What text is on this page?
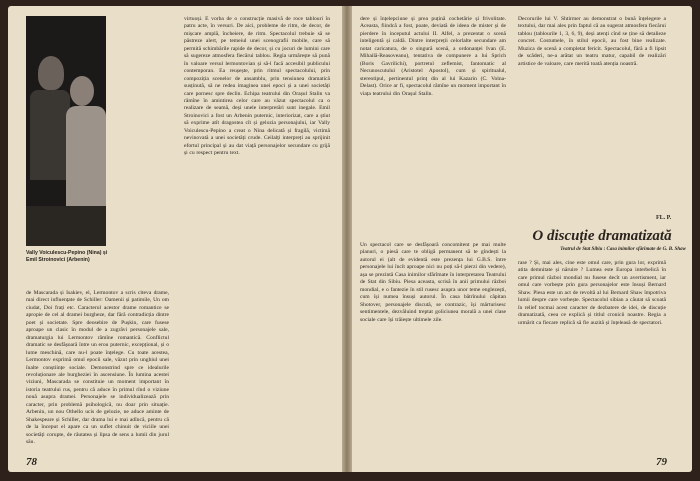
Vally Voiculescu-Pepino (Nina) și Emil Stroinovici (Arbenin)

de Mascarada și Isakiev, el, Lermontov a scris citeva drame, mai direct influențate de Schiller: Oamenii și patimile, Un om ciudat, Doi frați etc. Caracterul acestor drame romantice se apropie de cel al dramei burgheze, dar fără contradicția dintre poet și societate. Spre deosebire de Pușkin, care fusese aproape un clasic în modul de a zugrăvi personajele sale, dramaturgia lui Lermontov rămîne romantică. Conflictul dramatic se desfășoară între un erou puternic, excepțional, și o lume meschină, care nu-l poate înțelege. Cu toate acestea, Lermontov exprimă omul epocii sale, văzut prin unghiul unei înalte conștiințe sociale. Demonstrind spre ce idealurile revoluționare ale burgheziei în ascensiune. În lumina acestei viziuni, Mascarada se constituie un moment important în istoria teatrului rus, pentru că aduce în primul rînd o viziune nouă asupra dramei. Personajele se individualizează prin caracter, prin problemă psihologică, nu doar prin situație. Arbenin, un nou Othello ucis de gelozie, ne aduce aminte de Shakespeare și Schiller, dar drama lui e mai adîncă, pentru că de la început el apare ca un suflet chinuit de viciile unei societăți corupte, de răutatea și lipsa de sens a lumii din jurul său.

virtuoși. E vorba de o construcție masivă de roce tablouri în patru acte, în versuri. De aici, probleme de ritm, de decor, de mișcare amplă, încheiere, de ritm. Spectacolul trebuie să se păstreze alert, pe temeiul unei scenografii mobile, care să permită schimbările rapide de decor, și cu jocuri de lumini care să sugereze atmosfera fiecărui tablou. Regia urmărește să pună în valoare versul lermontovian și să-l facă accesibil publicului contemporan. Ea reușește, prin ritmul spectacolului, prin compoziția scenelor de ansamblu, prin tensiunea dramatică susținută, să ne redea imaginea unei epoci și a unei societăți care pornesc spre declin. Echipa teatrului din Orașul Stalin va rămîne în amintirea celor care au văzut spectacolul ca o realizare de seamă, deși unele interpretări sunt inegale. Emil Stroinovici a fost un Arbenin puternic, interiorizat, care a știut să exprime atît dragostea cît și gelozia personajului, iar Vally Voiculescu-Pepino a creat o Nina delicată și fragilă, victimă nevinovată a unei societăți crude. Ceilalți interpreți au sprijinit efortul principal și au dat viață personajelor secundare cu grijă și cu respect pentru text.

78

dere și înțelepciune și prea puțină cochetărie și frivolitate. Aceasta, fiindcă a fost, poate, deviată de ideea de mister și de pierdere în inceputul actului II. Alfel, a prezentat o scenă inteligentă și caldă. Dintre interpreții celorlalte secundare am notat caricatura, de o singură scenă, a ordonanței Ivan (E. Mihailă-Reasoveanu), tentativa de compunere a lui Sprich (Boris Gavrilichi), portretul zeflemist, fantomatic al Necunoscutului (Aristotel Apostol), cum și spiritualul, stereotipul, pertinentul prinț din al lui Kazarin (C. Volna-Delast). Orice ar fi, spectacolul rămîne un moment important în viața teatrului din Orașul Stalin.

Decorurile lui V. Shtirmer au demonstrat o bună înțelegere a textului, dar mai ales prin faptul că au sugerat atmosfera fiecărui tablou (tablourile 1, 3, 6, 9), deși atenți cînd se ține să detalieze concret. Costumele, în stilul epocii, au fost bine realizate. Muzica de scenă a completat fericit. Spectacolul, fără a fi lipsit de scăderi, ne-a arătat un teatru matur, capabil de realizări artistice de valoare, care merită toată atenția noastră.

FL. P.
O discuție dramatizată
Teatrul de Stat Sibiu : Casa inimilor sfărîmate de G. B. Shaw

Un spectacol care se desfășoară concomitent pe mai multe planuri, o piesă care te obligă permanent să te gîndești la autorul ei (alt de evidentă este prezența lui G.B.S. între personajele lui încît aproape nici nu poți să-l pierzi din vedere), așa se prezintă Casa inimilor sfărîmate în interpretarea Teatrului de Stat din Sibiu. Piesa aceasta, scrisă în anii primului război mondial, e o fantezie în stil rusesc asupra unor teme englezești, cum își numea însuși autorul. În casa bătrînului căpitan Shotover, personajele discută, se contrazic, își mărturisesc sentimentele, dezvăluind treptat goliciunea morală a unei clase sociale care își trăiește ultimele zile.

rase ? Și, mai ales, cine este omul care, prin gura lor, exprimă atita demnitate și năruire ? Lumea este Europa interbelică în care primul război mondial nu fusese decît un avertisment, iar omul care vorbește prin gura personajelor este însuși Bernard Shaw. Piesa este un act de revoltă al lui Bernard Shaw împotriva lumii despre care vorbește. Spectacolul sibian a căutat să scoată în relief tocmai acest caracter de dezbatere de idei, de discuție dramatizată, ceea ce explică și titlul cronicii noastre. Regia a urmărit ca fiecare replică să fie auzită și înțeleasă de spectatori.

79
